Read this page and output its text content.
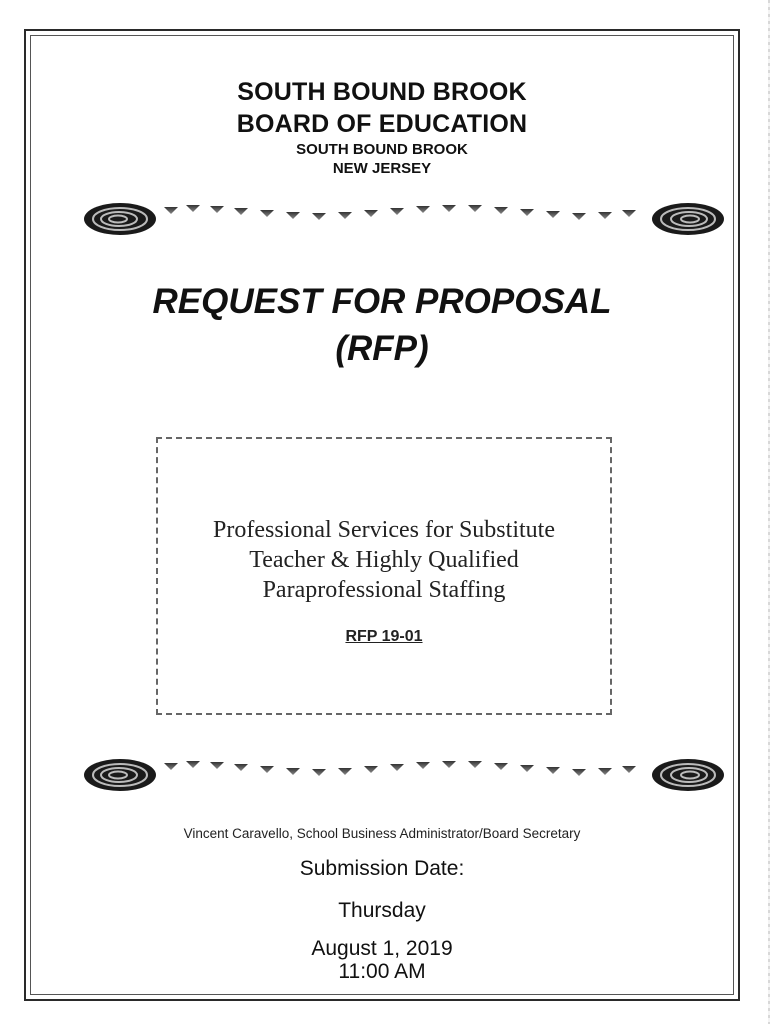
SOUTH BOUND BROOK
BOARD OF EDUCATION
SOUTH BOUND BROOK
NEW JERSEY
REQUEST FOR PROPOSAL
(RFP)
Professional Services for Substitute
Teacher & Highly Qualified
Paraprofessional Staffing
RFP 19-01
Vincent Caravello, School Business Administrator/Board Secretary
Submission Date:
Thursday
August 1, 2019
11:00 AM
